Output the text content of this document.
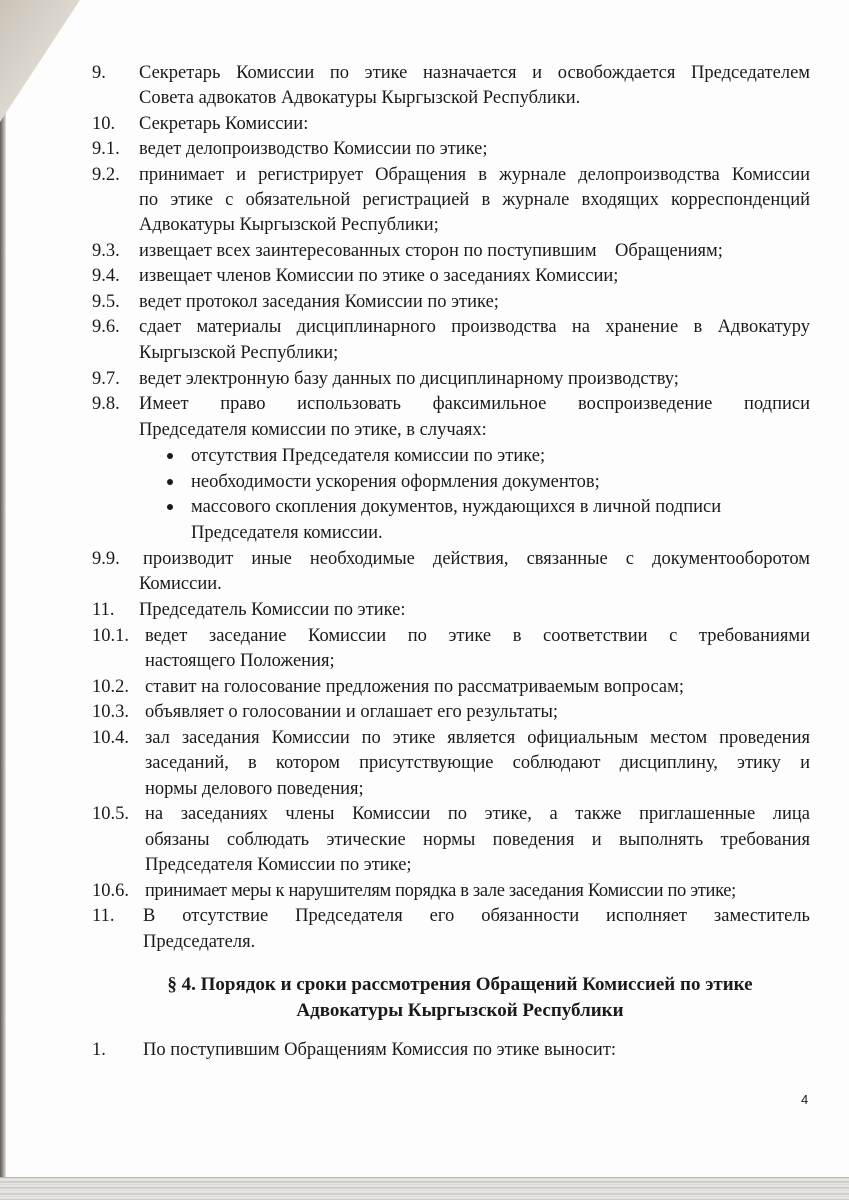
9. Секретарь Комиссии по этике назначается и освобождается Председателем
Совета адвокатов Адвокатуры Кыргызской Республики.
10. Секретарь Комиссии:
9.1. ведет делопроизводство Комиссии по этике;
9.2. принимает и регистрирует Обращения в журнале делопроизводства Комиссии
по этике с обязательной регистрацией в журнале входящих корреспонденций
Адвокатуры Кыргызской Республики;
9.3. извещает всех заинтересованных сторон по поступившим    Обращениям;
9.4. извещает членов Комиссии по этике о заседаниях Комиссии;
9.5. ведет протокол заседания Комиссии по этике;
9.6. сдает материалы дисциплинарного производства на хранение в Адвокатуру
Кыргызской Республики;
9.7. ведет электронную базу данных по дисциплинарному производству;
9.8. Имеет право использовать факсимильное воспроизведение подписи
Председателя комиссии по этике, в случаях:
отсутствия Председателя комиссии по этике;
необходимости ускорения оформления документов;
массового скопления документов, нуждающихся в личной подписи
Председателя комиссии.
9.9. производит иные необходимые действия, связанные с документооборотом
Комиссии.
11. Председатель Комиссии по этике:
10.1. ведет заседание Комиссии по этике в соответствии с требованиями
настоящего Положения;
10.2. ставит на голосование предложения по рассматриваемым вопросам;
10.3. объявляет о голосовании и оглашает его результаты;
10.4. зал заседания Комиссии по этике является официальным местом проведения
заседаний, в котором присутствующие соблюдают дисциплину, этику и
нормы делового поведения;
10.5. на заседаниях члены Комиссии по этике, а также приглашенные лица
обязаны соблюдать этические нормы поведения и выполнять требования
Председателя Комиссии по этике;
10.6. принимает меры к нарушителям порядка в зале заседания Комиссии по этике;
11. В отсутствие Председателя его обязанности исполняет заместитель
Председателя.
§ 4. Порядок и сроки рассмотрения Обращений Комиссией по этике
Адвокатуры Кыргызской Республики
1. По поступившим Обращениям Комиссия по этике выносит:
4
